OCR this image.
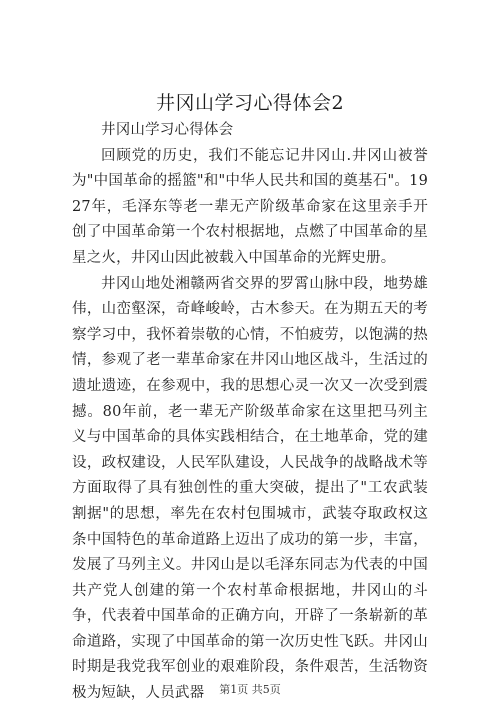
井冈山学习心得体会2

井冈山学习心得体会

回顾党的历史，我们不能忘记井冈山.井冈山被誉为"中国革命的摇篮"和"中华人民共和国的奠基石"。1927年，毛泽东等老一辈无产阶级革命家在这里亲手开创了中国革命第一个农村根据地，点燃了中国革命的星星之火，井冈山因此被载入中国革命的光辉史册。

井冈山地处湘赣两省交界的罗霄山脉中段，地势雄伟，山峦壑深，奇峰峻岭，古木参天。在为期五天的考察学习中，我怀着崇敬的心情，不怕疲劳，以饱满的热情，参观了老一辈革命家在井冈山地区战斗，生活过的遗址遗迹，在参观中，我的思想心灵一次又一次受到震撼。80年前，老一辈无产阶级革命家在这里把马列主义与中国革命的具体实践相结合，在土地革命，党的建设，政权建设，人民军队建设，人民战争的战略战术等方面取得了具有独创性的重大突破，提出了"工农武装割据"的思想，率先在农村包围城市，武装夺取政权这条中国特色的革命道路上迈出了成功的第一步，丰富，发展了马列主义。井冈山是以毛泽东同志为代表的中国共产党人创建的第一个农村革命根据地，井冈山的斗争，代表着中国革命的正确方向，开辟了一条崭新的革命道路，实现了中国革命的第一次历史性飞跃。井冈山时期是我党我军创业的艰难阶段，条件艰苦，生活物资极为短缺，人员武器	第1页 共5页
